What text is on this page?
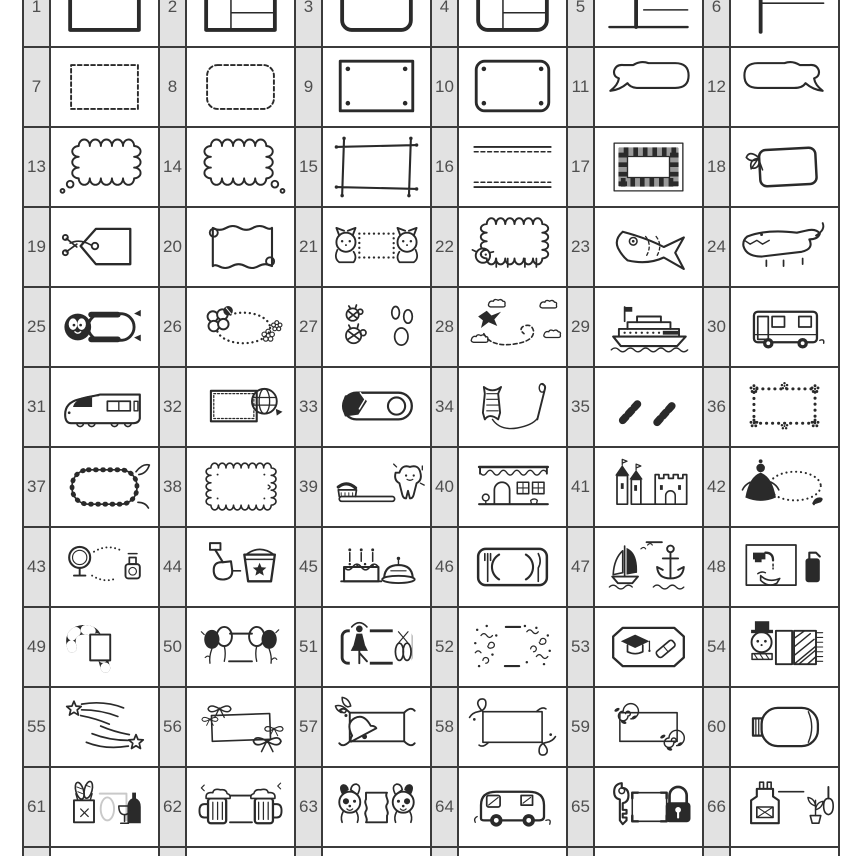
1	2	3	4	5	6
7	8	9	10	11	12
13	14	15	16	17	18
19	20	21	22	23	24
25	26	27	28	29	30
31	32	33	34	35	36
37	38	39	40	41	42
43	44	45	46	47	48
49	50	51	52	53	54
55	56	57	58	59	60
61	62	63	64	65	66
